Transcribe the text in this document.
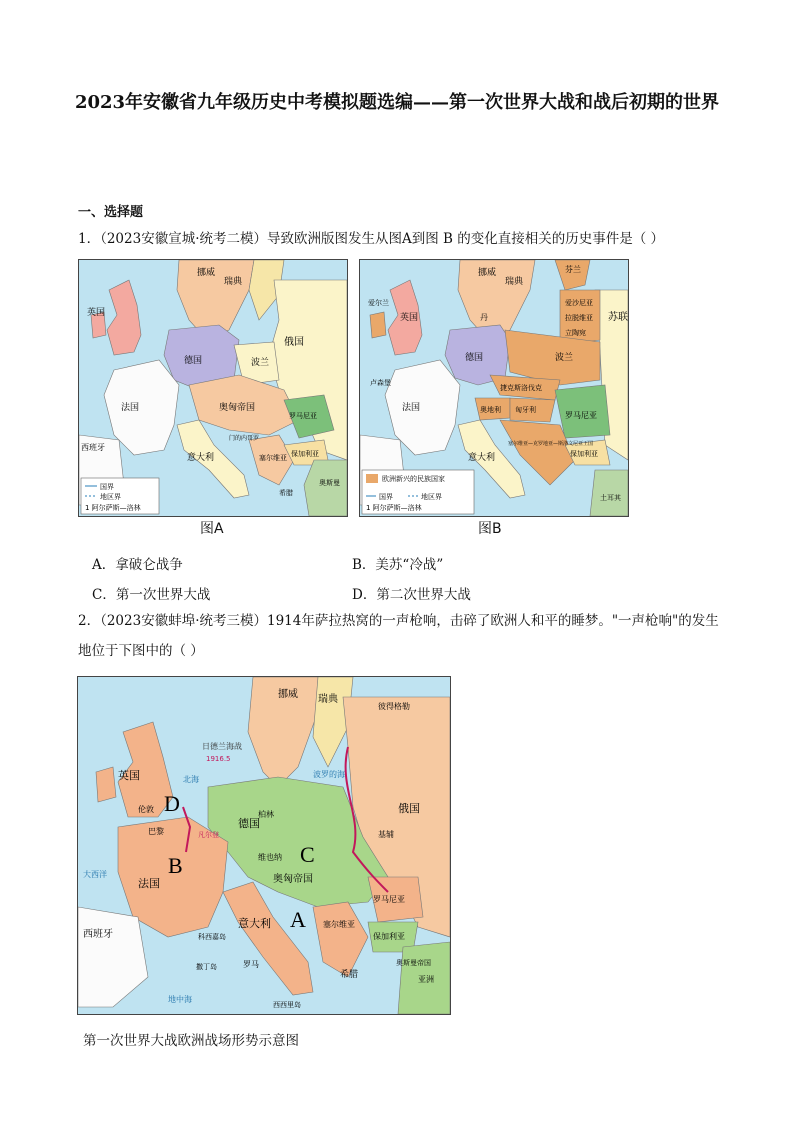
2023年安徽省九年级历史中考模拟题选编——第一次世界大战和战后初期的世界
一、选择题
1．（2023安徽宣城·统考二模）导致欧洲版图发生从图A到图 B 的变化直接相关的历史事件是（ ）
国界
地区界
1 阿尔萨斯—洛林
挪威
瑞典
英国
俄国
德国	波兰
法国	奥匈帝国
罗马尼亚
意大利
西班牙
塞尔维亚 保加利亚
门的内哥罗
希腊
奥斯曼
图A
欧洲新兴的民族国家
国界	地区界
1 阿尔萨斯—洛林
芬兰
挪威
瑞典
爱尔兰
英国	丹
爱沙尼亚
拉脱维亚
立陶宛
苏联
德国	波兰
法国
卢森堡
捷克斯洛伐克
奥地利 匈牙利
罗马尼亚
塞尔维亚—克罗地亚—斯洛文尼亚王国
保加利亚
意大利
土耳其
图B
A．拿破仑战争	B．美苏“冷战”
C．第一次世界大战	D．第二次世界大战
2．（2023安徽蚌埠·统考三模）1914年萨拉热窝的一声枪响，击碎了欧洲人和平的睡梦。"一声枪响"的发生地位于下图中的（ ）
挪威 瑞典
彼得格勒
日德兰海战
1916.5
英国
伦敦	俄国
柏林
德国
基辅
巴黎	凡尔登
维也纳
法国	奥匈帝国
罗马尼亚
塞尔维亚
保加利亚
意大利
罗马
科西嘉岛
撒丁岛
西西里岛
希腊
奥斯曼帝国
亚洲
西班牙
大西洋
北海
波罗的海
地中海
A
B	C
D
第一次世界大战欧洲战场形势示意图
